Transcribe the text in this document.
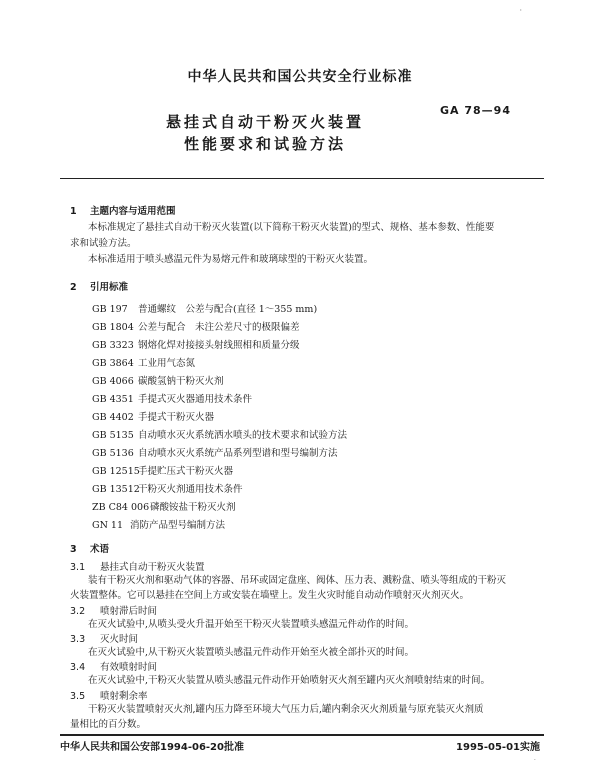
·
中华人民共和国公共安全行业标准
GA 78—94
悬挂式自动干粉灭火装置
性能要求和试验方法
1 主题内容与适用范围
本标准规定了悬挂式自动干粉灭火装置(以下简称干粉灭火装置)的型式、规格、基本参数、性能要
求和试验方法。
本标准适用于喷头感温元件为易熔元件和玻璃球型的干粉灭火装置。
2 引用标准
GB 197 普通螺纹　公差与配合(直径 1～355 mm)
GB 1804 公差与配合　未注公差尺寸的极限偏差
GB 3323 钢熔化焊对接接头射线照相和质量分级
GB 3864 工业用气态氮
GB 4066 碳酸氢钠干粉灭火剂
GB 4351 手提式灭火器通用技术条件
GB 4402 手提式干粉灭火器
GB 5135 自动喷水灭火系统洒水喷头的技术要求和试验方法
GB 5136 自动喷水灭火系统产品系列型谱和型号编制方法
GB 12515手提贮压式干粉灭火器
GB 13512干粉灭火剂通用技术条件
ZB C84 006磷酸铵盐干粉灭火剂
GN 11 消防产品型号编制方法
3 术语
3.1 悬挂式自动干粉灭火装置
装有干粉灭火剂和驱动气体的容器、吊环或固定盘座、阀体、压力表、溅粉盘、喷头等组成的干粉灭
火装置整体。它可以悬挂在空间上方或安装在墙壁上。发生火灾时能自动动作喷射灭火剂灭火。
3.2 喷射滞后时间
在灭火试验中,从喷头受火升温开始至干粉灭火装置喷头感温元件动作的时间。
3.3 灭火时间
在灭火试验中,从干粉灭火装置喷头感温元件动作开始至火被全部扑灭的时间。
3.4 有效喷射时间
在灭火试验中,干粉灭火装置从喷头感温元件动作开始喷射灭火剂至罐内灭火剂喷射结束的时间。
3.5 喷射剩余率
中华人民共和国公安部1994-06-20批准	1995-05-01实施
·
干粉灭火装置喷射灭火剂,罐内压力降至环境大气压力后,罐内剩余灭火剂质量与原充装灭火剂质
量相比的百分数。
